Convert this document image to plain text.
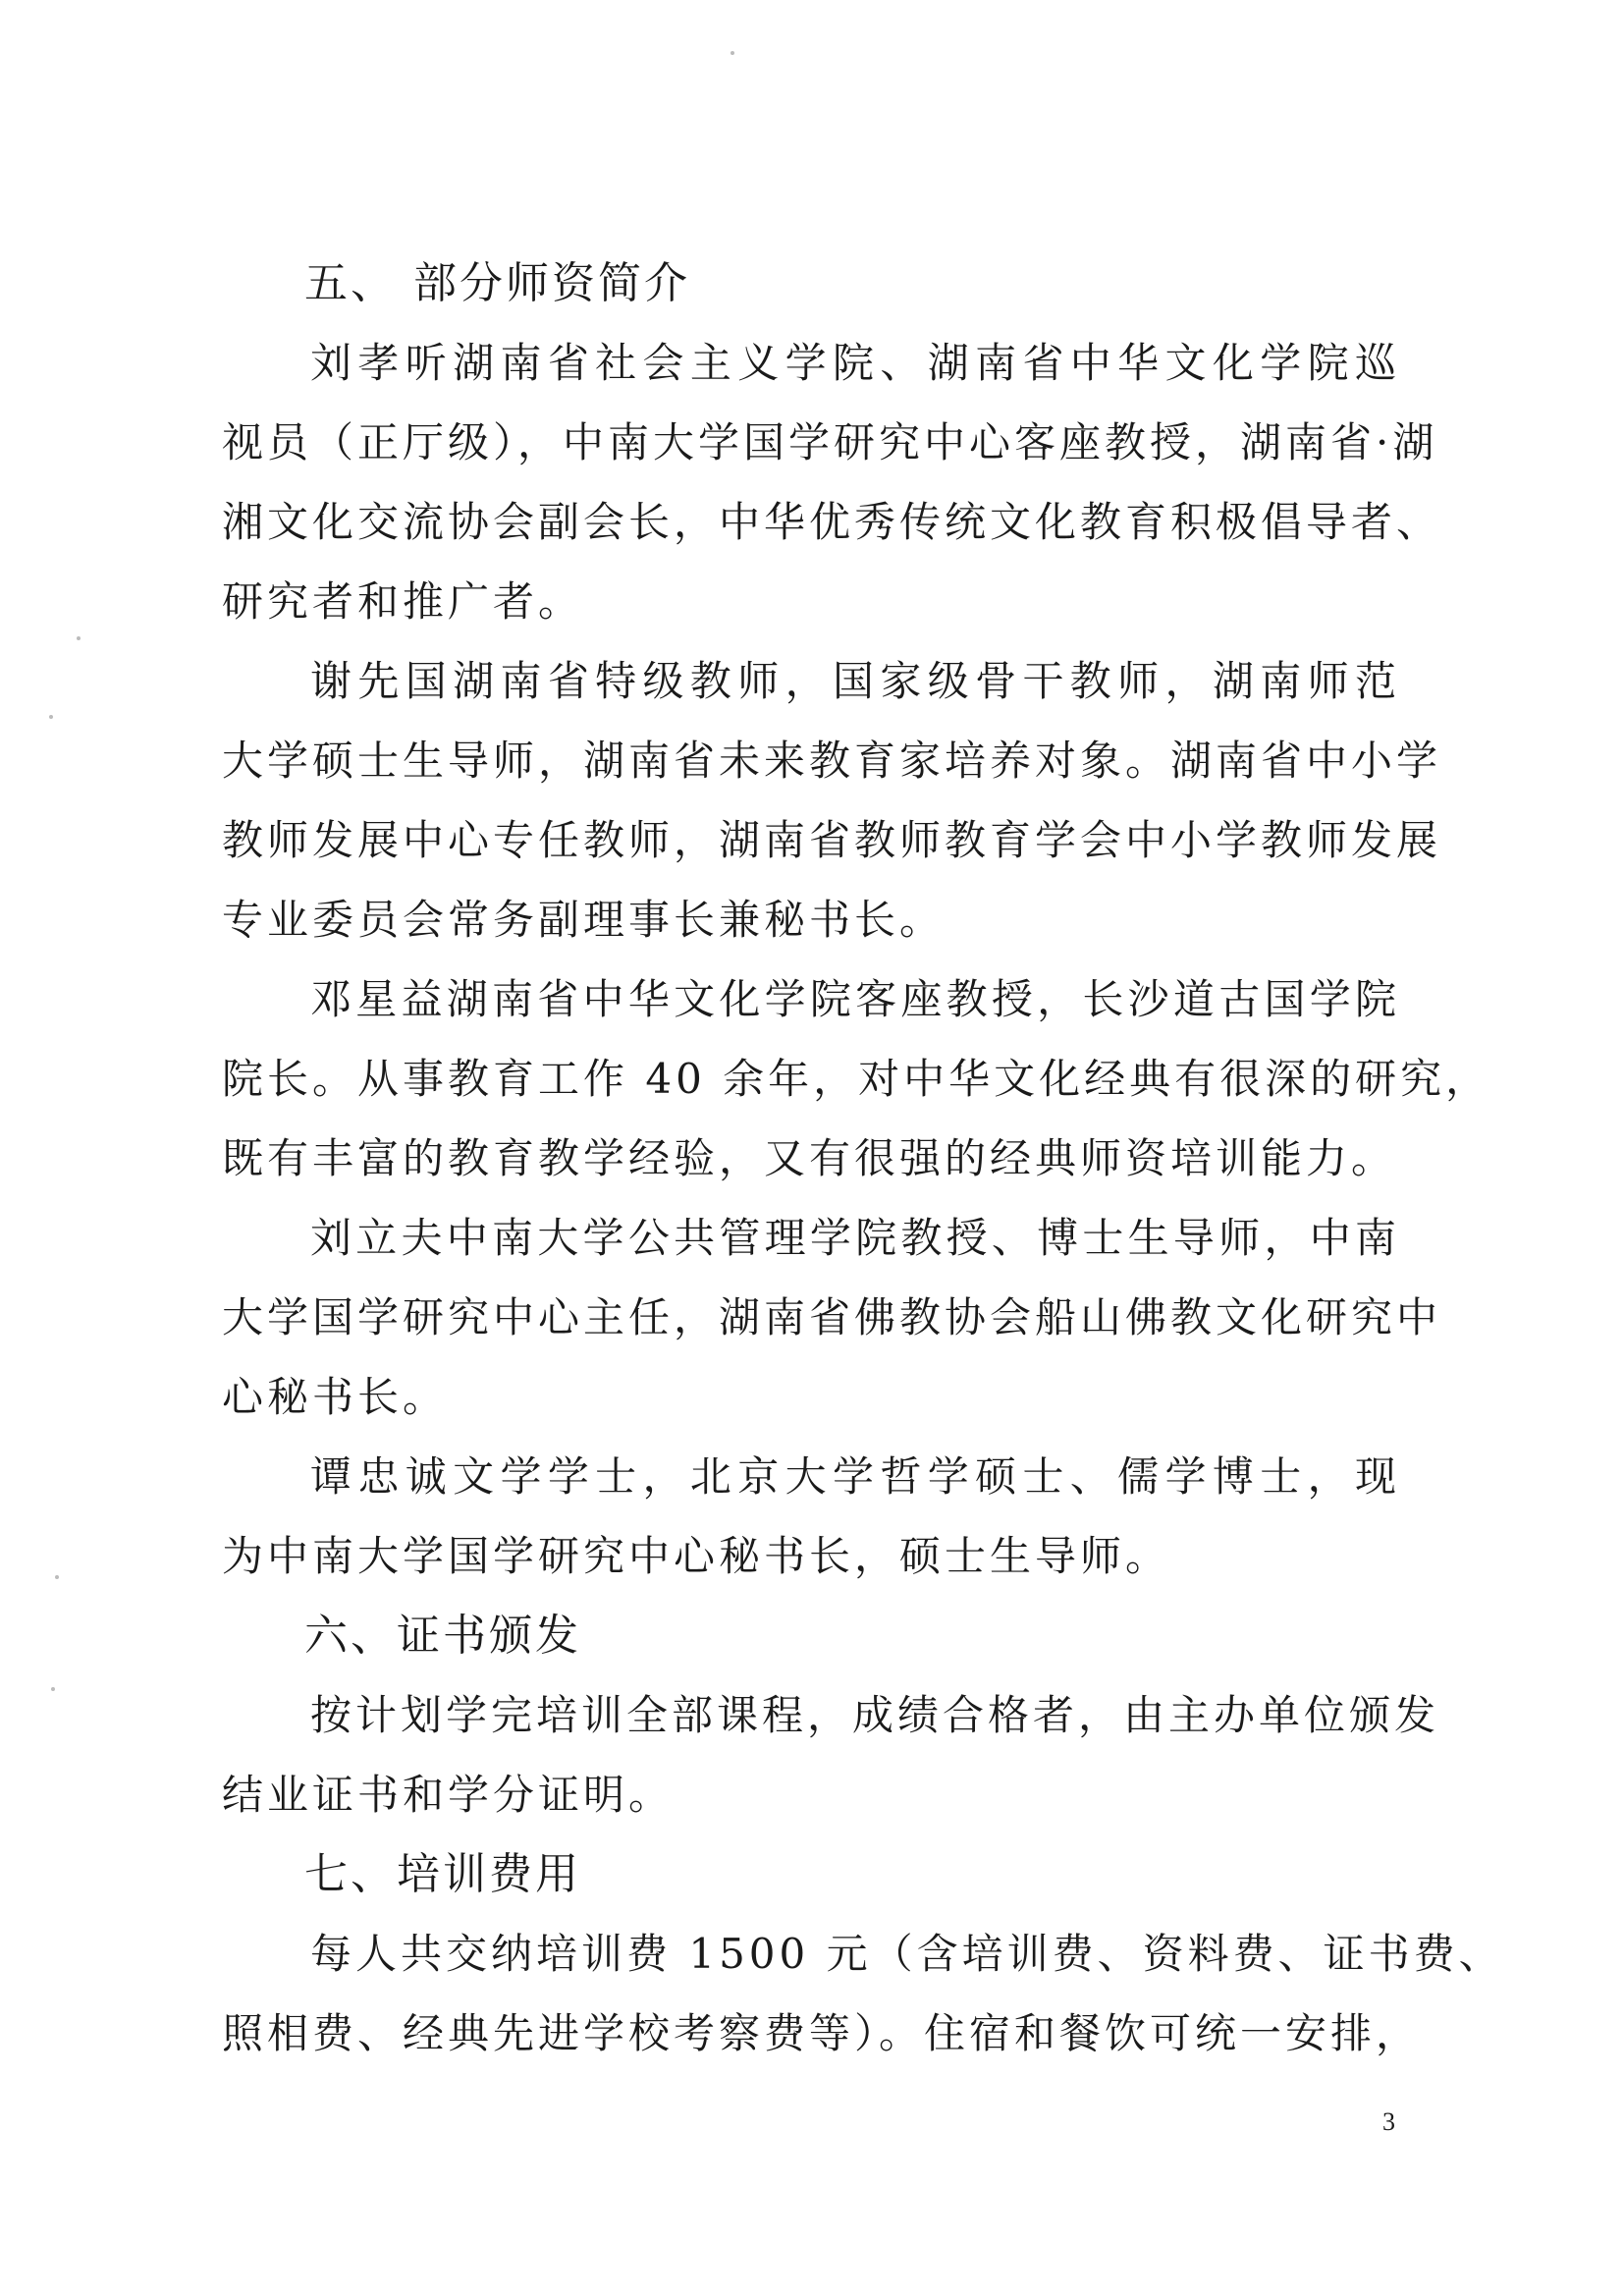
五、 部分师资简介
刘孝听湖南省社会主义学院、湖南省中华文化学院巡
视员（正厅级），中南大学国学研究中心客座教授，湖南省·湖
湘文化交流协会副会长，中华优秀传统文化教育积极倡导者、
研究者和推广者。
谢先国湖南省特级教师，国家级骨干教师，湖南师范
大学硕士生导师，湖南省未来教育家培养对象。湖南省中小学
教师发展中心专任教师，湖南省教师教育学会中小学教师发展
专业委员会常务副理事长兼秘书长。
邓星益湖南省中华文化学院客座教授，长沙道古国学院
院长。从事教育工作 40 余年，对中华文化经典有很深的研究，
既有丰富的教育教学经验，又有很强的经典师资培训能力。
刘立夫中南大学公共管理学院教授、博士生导师，中南
大学国学研究中心主任，湖南省佛教协会船山佛教文化研究中
心秘书长。
谭忠诚文学学士，北京大学哲学硕士、儒学博士，现
为中南大学国学研究中心秘书长，硕士生导师。
六、证书颁发
按计划学完培训全部课程，成绩合格者，由主办单位颁发
结业证书和学分证明。
七、培训费用
每人共交纳培训费 1500 元（含培训费、资料费、证书费、
照相费、经典先进学校考察费等）。住宿和餐饮可统一安排，
3
